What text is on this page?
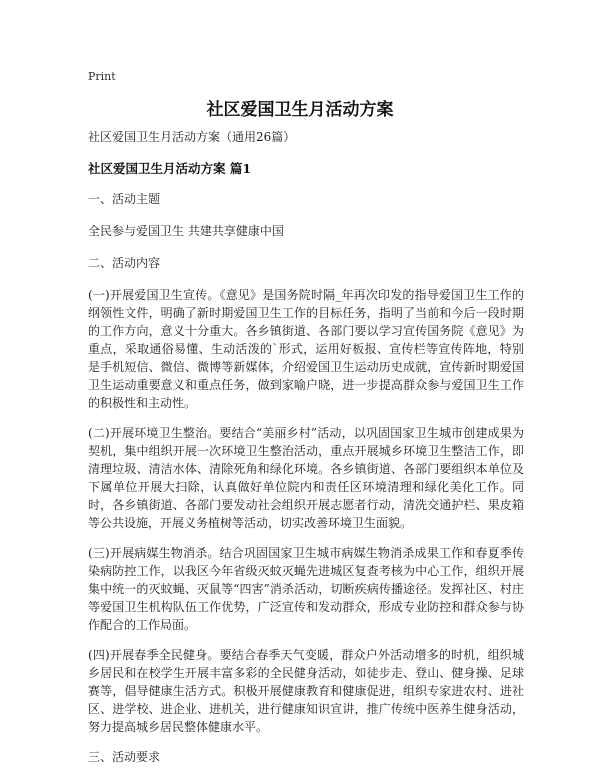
Print
社区爱国卫生月活动方案

社区爱国卫生月活动方案（通用26篇）

社区爱国卫生月活动方案 篇1

一、活动主题

全民参与爱国卫生 共建共享健康中国

二、活动内容

(一)开展爱国卫生宣传。《意见》是国务院时隔_年再次印发的指导爱国卫生工作的纲领性文件，明确了新时期爱国卫生工作的目标任务，指明了当前和今后一段时期的工作方向，意义十分重大。各乡镇街道、各部门要以学习宣传国务院《意见》为重点，采取通俗易懂、生动活泼的`形式，运用好板报、宣传栏等宣传阵地，特别是手机短信、微信、微博等新媒体，介绍爱国卫生运动历史成就，宣传新时期爱国卫生运动重要意义和重点任务，做到家喻户晓，进一步提高群众参与爱国卫生工作的积极性和主动性。

(二)开展环境卫生整治。要结合“美丽乡村”活动，以巩固国家卫生城市创建成果为契机，集中组织开展一次环境卫生整治活动，重点开展城乡环境卫生整洁工作，即清理垃圾、清洁水体、清除死角和绿化环境。各乡镇街道、各部门要组织本单位及下属单位开展大扫除，认真做好单位院内和责任区环境清理和绿化美化工作。同时，各乡镇街道、各部门要发动社会组织开展志愿者行动，清洗交通护栏、果皮箱等公共设施，开展义务植树等活动，切实改善环境卫生面貌。

(三)开展病媒生物消杀。结合巩固国家卫生城市病媒生物消杀成果工作和春夏季传染病防控工作，以我区今年省级灭蚊灭蝇先进城区复查考核为中心工作，组织开展集中统一的灭蚊蝇、灭鼠等“四害”消杀活动，切断疾病传播途径。发挥社区、村庄等爱国卫生机构队伍工作优势，广泛宣传和发动群众，形成专业防控和群众参与协作配合的工作局面。

(四)开展春季全民健身。要结合春季天气变暖，群众户外活动增多的时机，组织城乡居民和在校学生开展丰富多彩的全民健身活动，如徒步走、登山、健身操、足球赛等，倡导健康生活方式。积极开展健康教育和健康促进，组织专家进农村、进社区、进学校、进企业、进机关，进行健康知识宣讲，推广传统中医养生健身活动，努力提高城乡居民整体健康水平。

三、活动要求
